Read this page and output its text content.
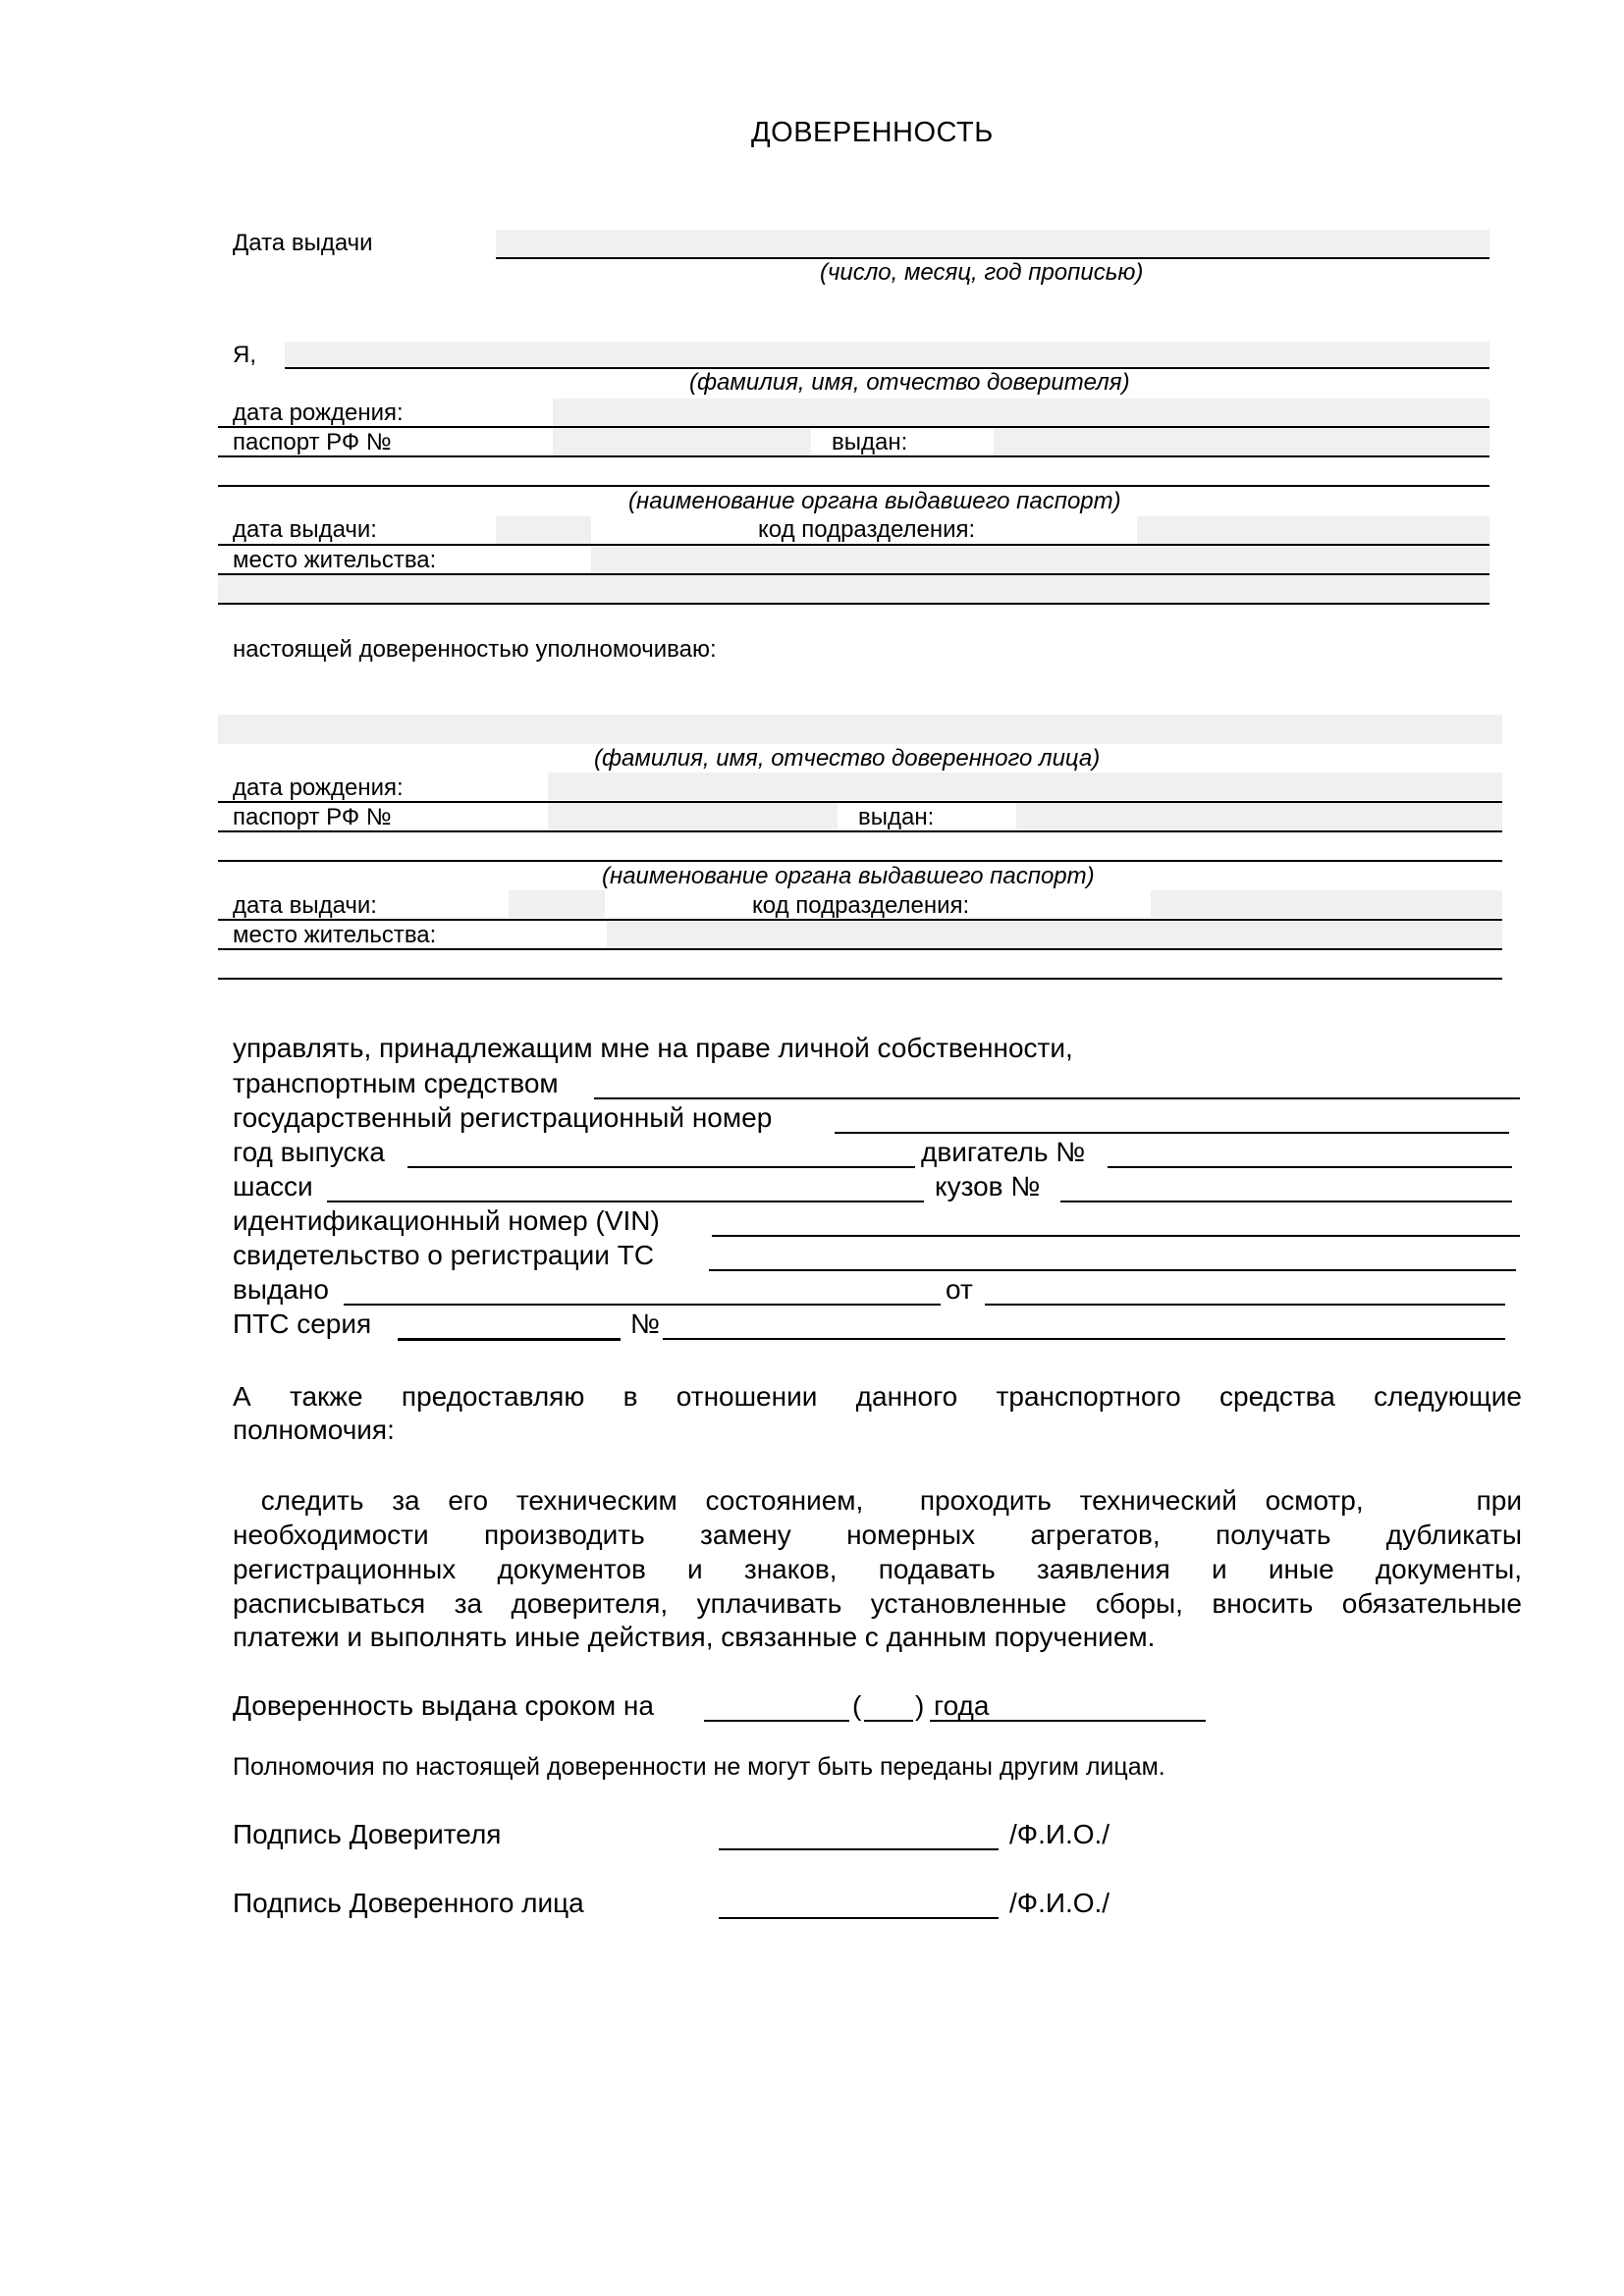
ДОВЕРЕННОСТЬ
Дата выдачи
(число, месяц, год прописью)
Я,
(фамилия, имя, отчество доверителя)
дата рождения:
паспорт РФ №	выдан:
(наименование органа выдавшего паспорт)
дата выдачи:	код подразделения:
место жительства:
настоящей доверенностью уполномочиваю:
(фамилия, имя, отчество доверенного лица)
дата рождения:
паспорт РФ №	выдан:
(наименование органа выдавшего паспорт)
дата выдачи:	код подразделения:
место жительства:
управлять, принадлежащим мне на праве личной собственности,
транспортным средством
государственный регистрационный номер
год выпуска	двигатель №
шасси	кузов №
идентификационный номер (VIN)
свидетельство о регистрации ТС
выдано	от
ПТС серия	№
А также предоставляю в отношении данного транспортного средства следующие
полномочия:
следить за его техническим состоянием,  проходить технический осмотр,    при
необходимости производить замену номерных агрегатов, получать дубликаты
регистрационных документов и знаков, подавать заявления и иные документы,
расписываться за доверителя, уплачивать установленные сборы, вносить обязательные
платежи и выполнять иные действия, связанные с данным поручением.
Доверенность выдана сроком на	( ) года
Полномочия по настоящей доверенности не могут быть переданы другим лицам.
Подпись Доверителя	/Ф.И.О./
Подпись Доверенного лица	/Ф.И.О./
